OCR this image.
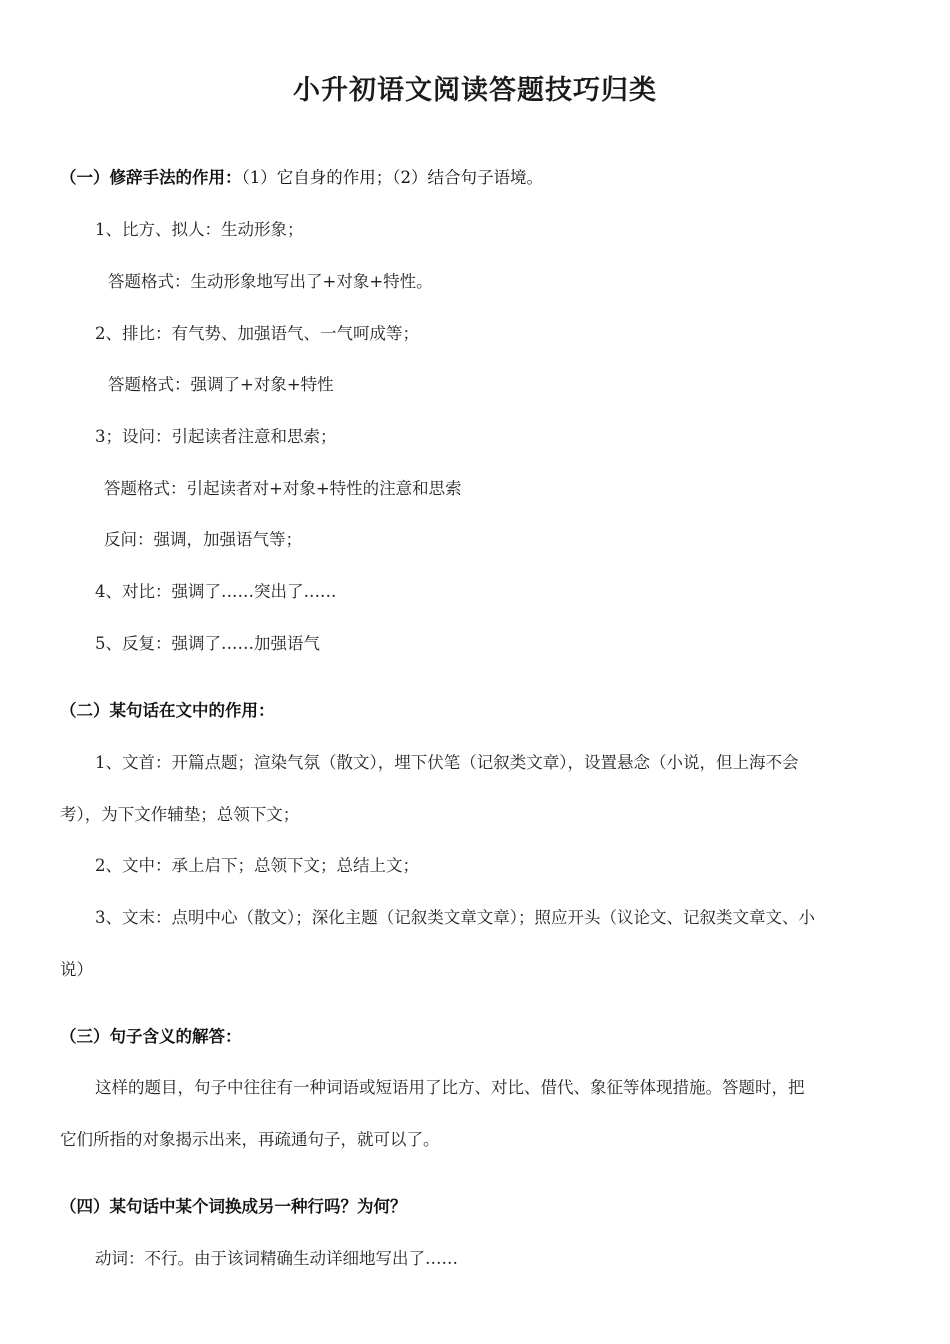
小升初语文阅读答题技巧归类
（一）修辞手法的作用：（1）它自身的作用；（2）结合句子语境。
1、比方、拟人：生动形象；
答题格式：生动形象地写出了+对象+特性。
2、排比：有气势、加强语气、一气呵成等；
答题格式：强调了+对象+特性
3；设问：引起读者注意和思索；
答题格式：引起读者对+对象+特性的注意和思索
反问：强调，加强语气等；
4、对比：强调了……突出了……
5、反复：强调了……加强语气
（二）某句话在文中的作用：
1、文首：开篇点题；渲染气氛（散文），埋下伏笔（记叙类文章），设置悬念（小说，但上海不会
考），为下文作辅垫；总领下文；
2、文中：承上启下；总领下文；总结上文；
3、文末：点明中心（散文）；深化主题（记叙类文章文章）；照应开头（议论文、记叙类文章文、小
说）
（三）句子含义的解答：
这样的题目，句子中往往有一种词语或短语用了比方、对比、借代、象征等体现措施。答题时，把
它们所指的对象揭示出来，再疏通句子，就可以了。
（四）某句话中某个词换成另一种行吗？为何？
动词：不行。由于该词精确生动详细地写出了……
